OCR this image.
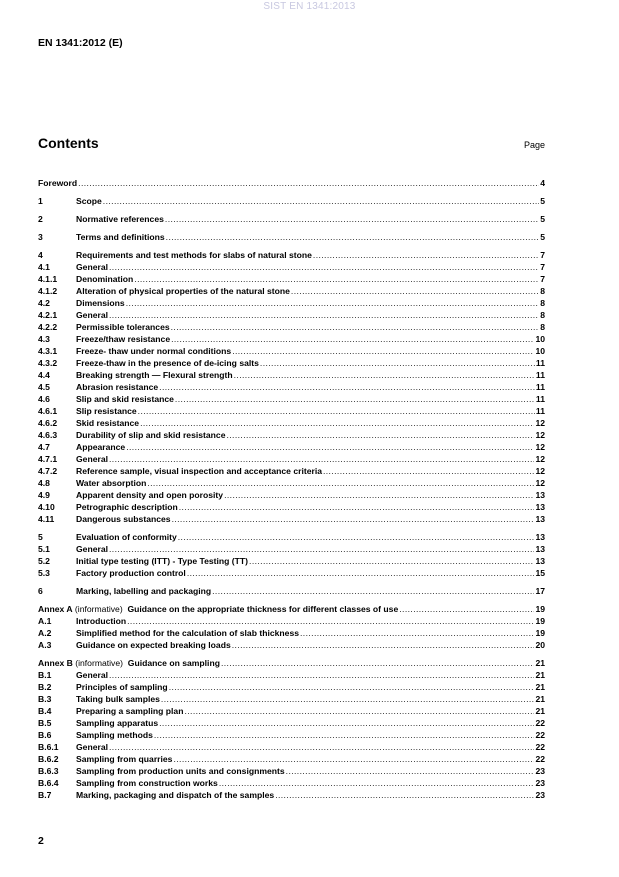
SIST EN 1341:2013
EN 1341:2012 (E)
Contents	Page
Foreword .....	4
1	Scope .....	5
2	Normative references .....	5
3	Terms and definitions .....	5
4	Requirements and test methods for slabs of natural stone .....	7
4.1	General .....	7
4.1.1	Denomination .....	7
4.1.2	Alteration of physical properties of the natural stone .....	8
4.2	Dimensions .....	8
4.2.1	General .....	8
4.2.2	Permissible tolerances .....	8
4.3	Freeze/thaw resistance .....	10
4.3.1	Freeze- thaw under normal conditions .....	10
4.3.2	Freeze-thaw in the presence of de-icing salts .....	11
4.4	Breaking strength — Flexural strength .....	11
4.5	Abrasion resistance .....	11
4.6	Slip and skid resistance .....	11
4.6.1	Slip resistance .....	11
4.6.2	Skid resistance .....	12
4.6.3	Durability of slip and skid resistance .....	12
4.7	Appearance .....	12
4.7.1	General .....	12
4.7.2	Reference sample, visual inspection and acceptance criteria .....	12
4.8	Water absorption .....	12
4.9	Apparent density and open porosity .....	13
4.10	Petrographic description .....	13
4.11	Dangerous substances .....	13
5	Evaluation of conformity .....	13
5.1	General .....	13
5.2	Initial type testing (ITT) - Type Testing (TT) .....	13
5.3	Factory production control .....	15
6	Marking, labelling and packaging .....	17
Annex A (informative)  Guidance on the appropriate thickness for different classes of use .....	19
A.1	Introduction .....	19
A.2	Simplified method for the calculation of slab thickness .....	19
A.3	Guidance on expected breaking loads .....	20
Annex B (informative)  Guidance on sampling .....	21
B.1	General .....	21
B.2	Principles of sampling .....	21
B.3	Taking bulk samples .....	21
B.4	Preparing a sampling plan .....	21
B.5	Sampling apparatus .....	22
B.6	Sampling methods .....	22
B.6.1	General .....	22
B.6.2	Sampling from quarries .....	22
B.6.3	Sampling from production units and consignments .....	23
B.6.4	Sampling from construction works .....	23
B.7	Marking, packaging and dispatch of the samples .....	23
2
